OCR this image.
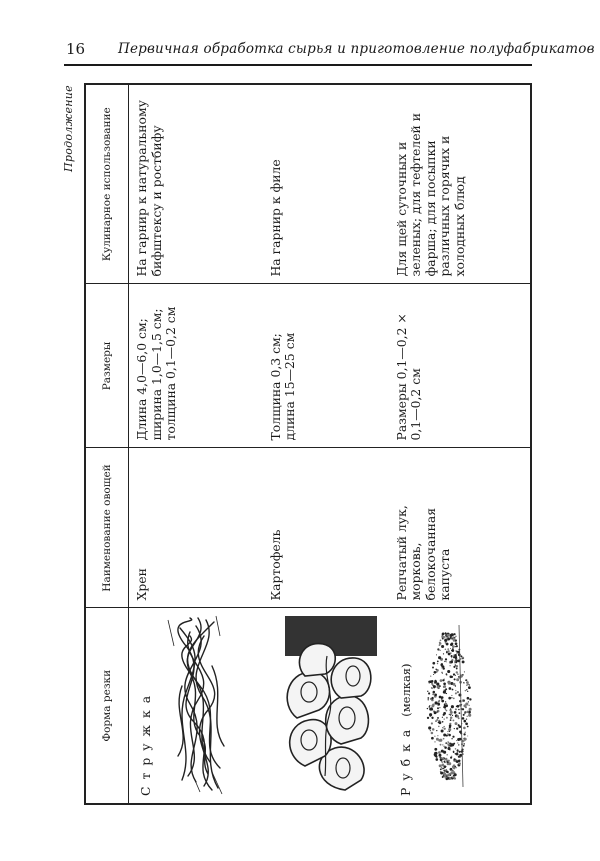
16 Первичная обработка сырья и приготовление полуфабрикатов
Продолжение
Форма резки	Наименование овощей	Размеры	Кулинарное использование
Стружка	Хрен	Длина 4,0—6,0 см; ширина 1,0—1,5 см; толщина 0,1—0,2 см	На гарнир к натуральному бифштексу и ростбифу

	Картофель	Толщина 0,3 см; длина 15—25 см	На гарнир к филе
Рубка(мелкая)	Репчатый лук, морковь, белокочанная капуста	Размеры 0,1—0,2 × 0,1—0,2 см	Для щей суточных и зеленых; для тефтелей и фарша; для посыпки различных горячих и холодных блюд
